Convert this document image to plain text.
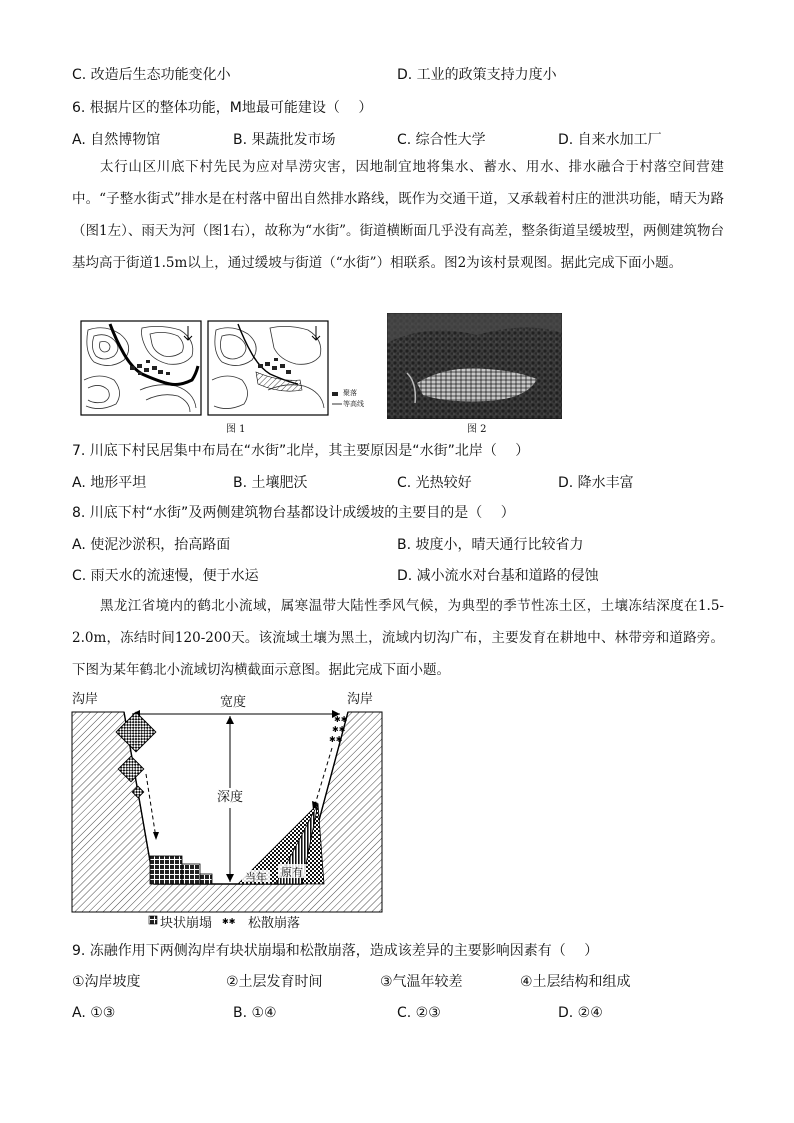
C. 改造后生态功能变化小	D. 工业的政策支持力度小
6. 根据片区的整体功能，M地最可能建设（　 ）
A. 自然博物馆	B. 果蔬批发市场	C. 综合性大学	D. 自来水加工厂
太行山区川底下村先民为应对旱涝灾害，因地制宜地将集水、蓄水、用水、排水融合于村落空间营建中。“子整水街式”排水是在村落中留出自然排水路线，既作为交通干道，又承载着村庄的泄洪功能，晴天为路（图1左）、雨天为河（图1右），故称为“水街”。街道横断面几乎没有高差，整条街道呈缓坡型，两侧建筑物台基均高于街道1.5m以上，通过缓坡与街道（“水街”）相联系。图2为该村景观图。据此完成下面小题。
聚落
等高线
图 1	图 2
7. 川底下村民居集中布局在“水街”北岸，其主要原因是“水街”北岸（　 ）
A. 地形平坦	B. 土壤肥沃	C. 光热较好	D. 降水丰富
8. 川底下村“水街”及两侧建筑物台基都设计成缓坡的主要目的是（　 ）
A. 使泥沙淤积，抬高路面	B. 坡度小，晴天通行比较省力
C. 雨天水的流速慢，便于水运	D. 减小流水对台基和道路的侵蚀
黑龙江省境内的鹤北小流域，属寒温带大陆性季风气候，为典型的季节性冻土区，土壤冻结深度在1.5-2.0m，冻结时间120-200天。该流域土壤为黑土，流域内切沟广布，主要发育在耕地中、林带旁和道路旁。下图为某年鹤北小流域切沟横截面示意图。据此完成下面小题。
✱✱
✱✱
✱✱
✱✱
沟岸	沟岸
宽度
深度
当年 原有
块状崩塌	松散崩落
9. 冻融作用下两侧沟岸有块状崩塌和松散崩落，造成该差异的主要影响因素有（　 ）
①沟岸坡度	②土层发育时间	③气温年较差	④土层结构和组成
A. ①③	B. ①④	C. ②③	D. ②④
